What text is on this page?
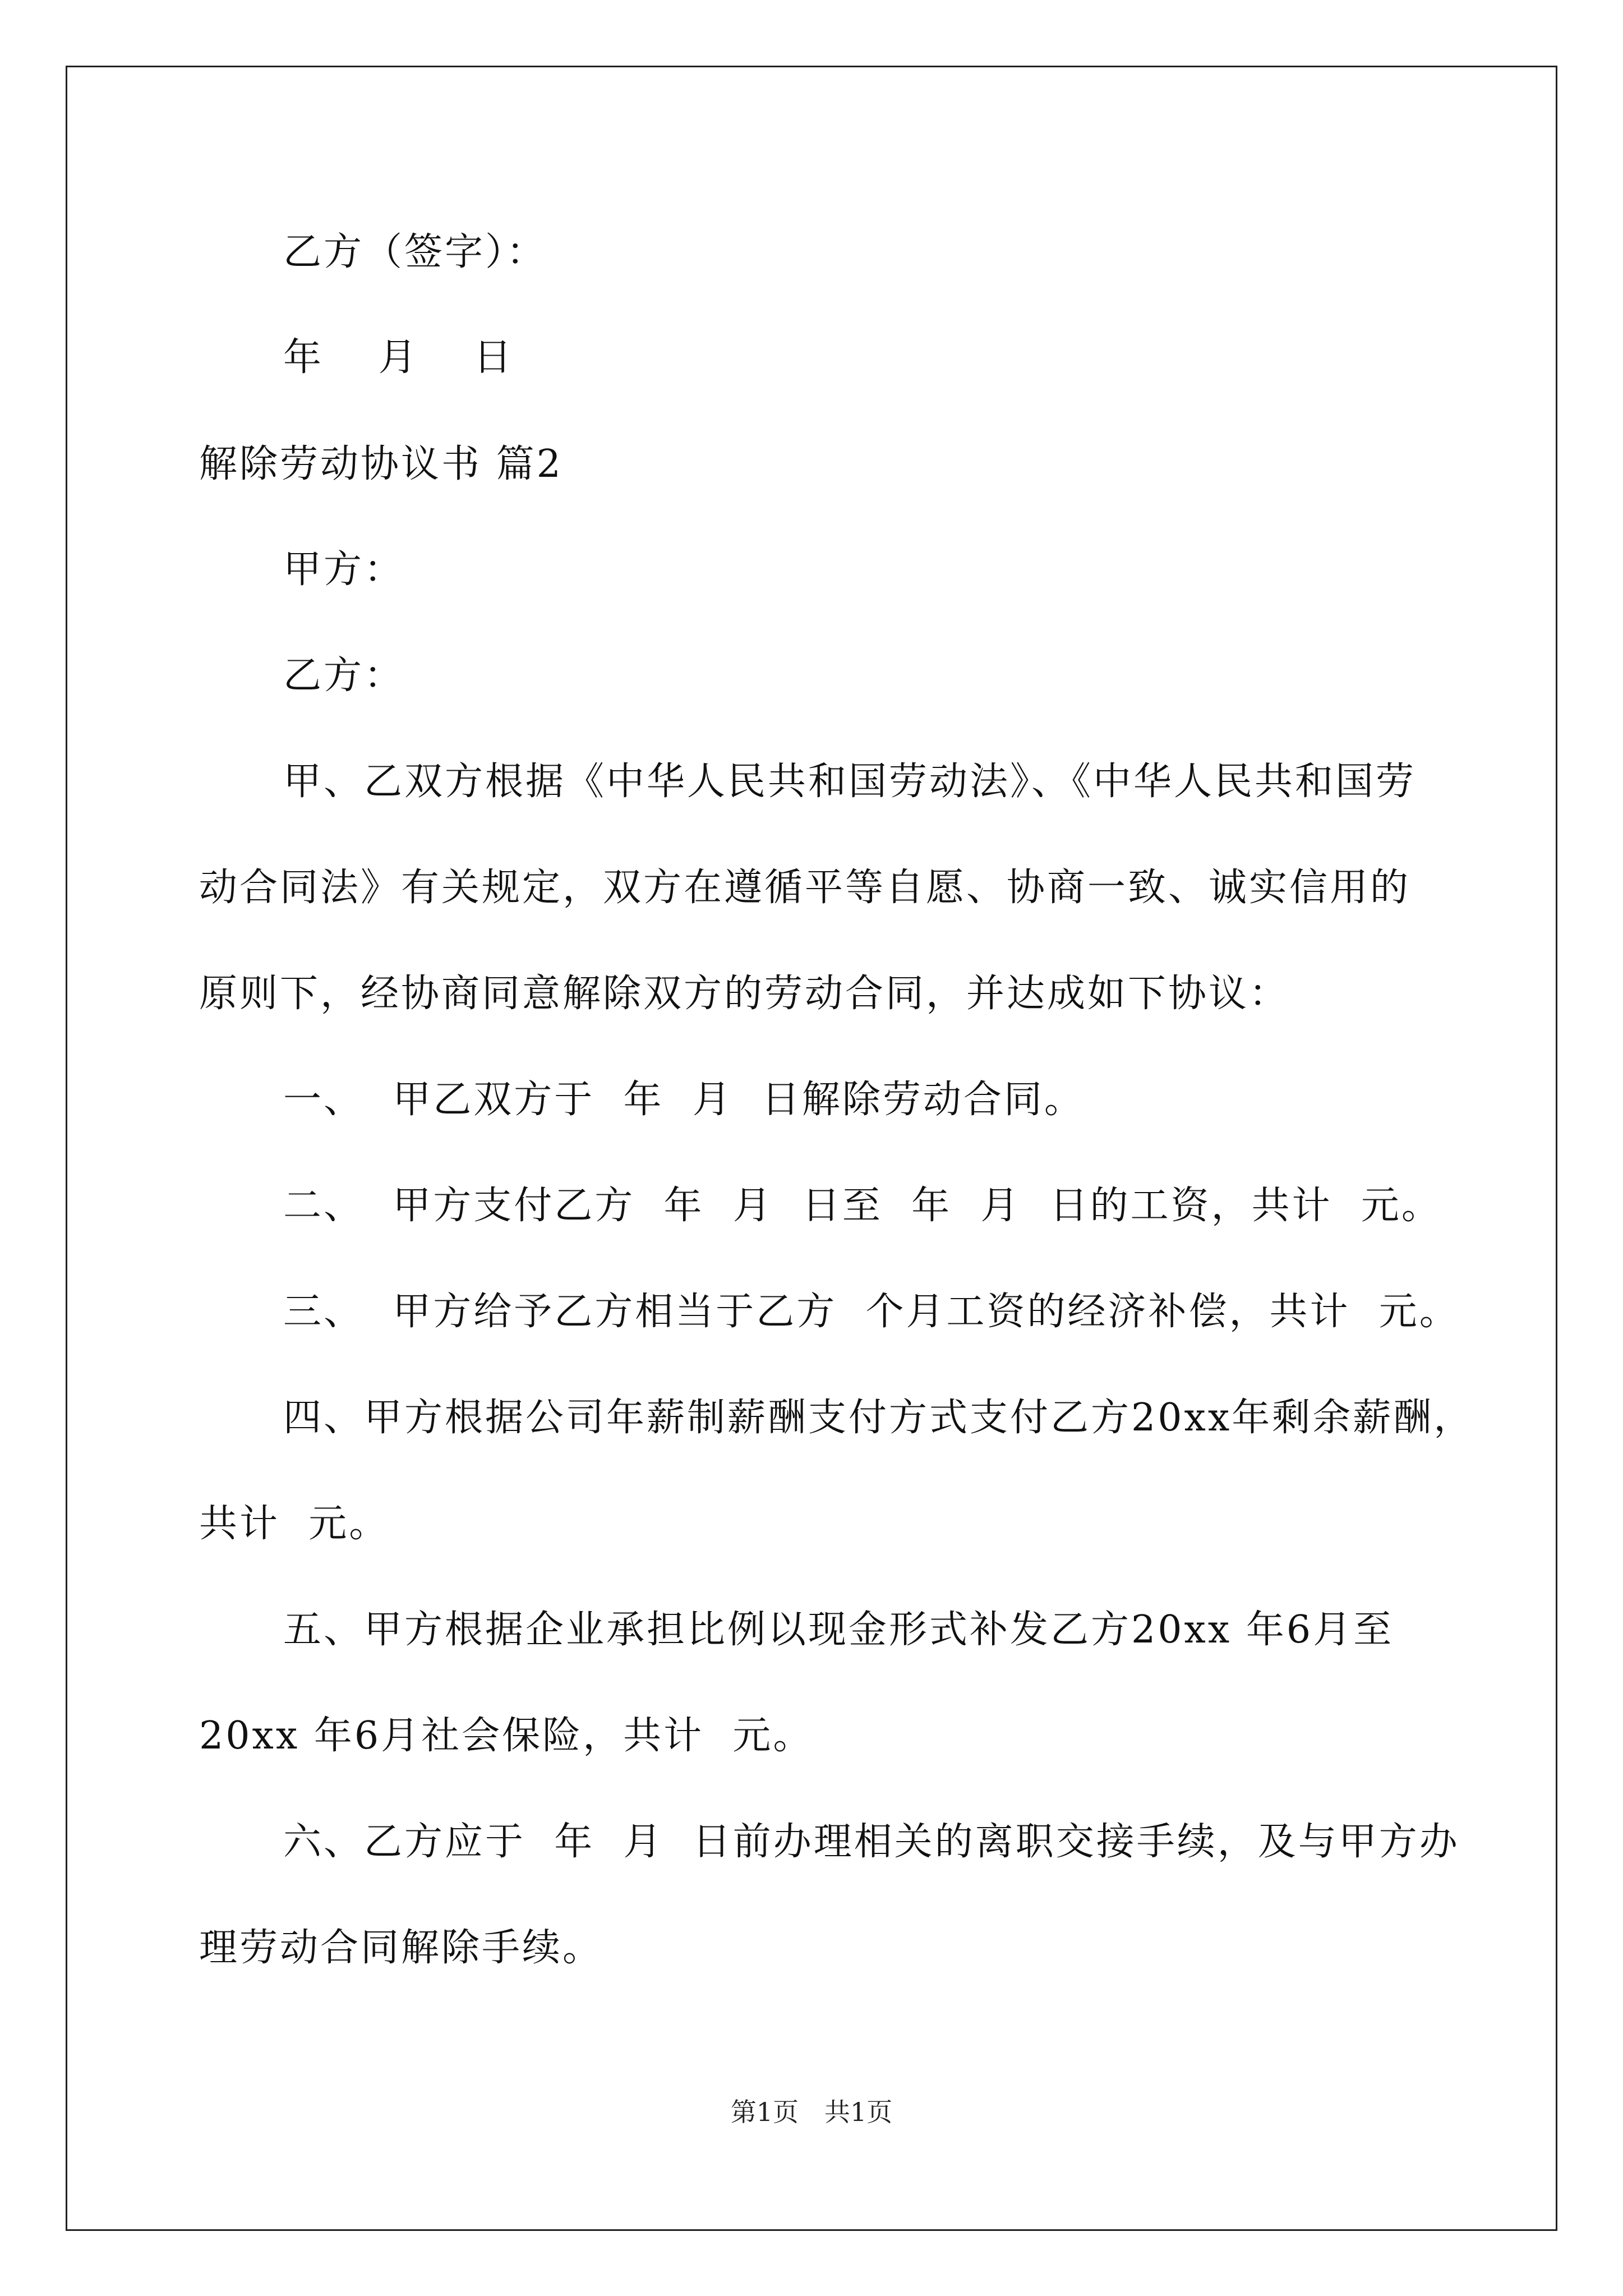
乙方（签字）：
年　 月　 日
解除劳动协议书 篇2
甲方：
乙方：
甲、乙双方根据《中华人民共和国劳动法》、《中华人民共和国劳
动合同法》有关规定，双方在遵循平等自愿、协商一致、诚实信用的
原则下，经协商同意解除双方的劳动合同，并达成如下协议：
一、  甲乙双方于  年  月  日解除劳动合同。
二、  甲方支付乙方  年  月  日至  年  月  日的工资，共计  元。
三、  甲方给予乙方相当于乙方  个月工资的经济补偿，共计  元。
四、甲方根据公司年薪制薪酬支付方式支付乙方20xx年剩余薪酬，
共计  元。
五、甲方根据企业承担比例以现金形式补发乙方20xx 年6月至
20xx 年6月社会保险，共计  元。
六、乙方应于  年  月  日前办理相关的离职交接手续，及与甲方办
理劳动合同解除手续。
第1页　共1页
